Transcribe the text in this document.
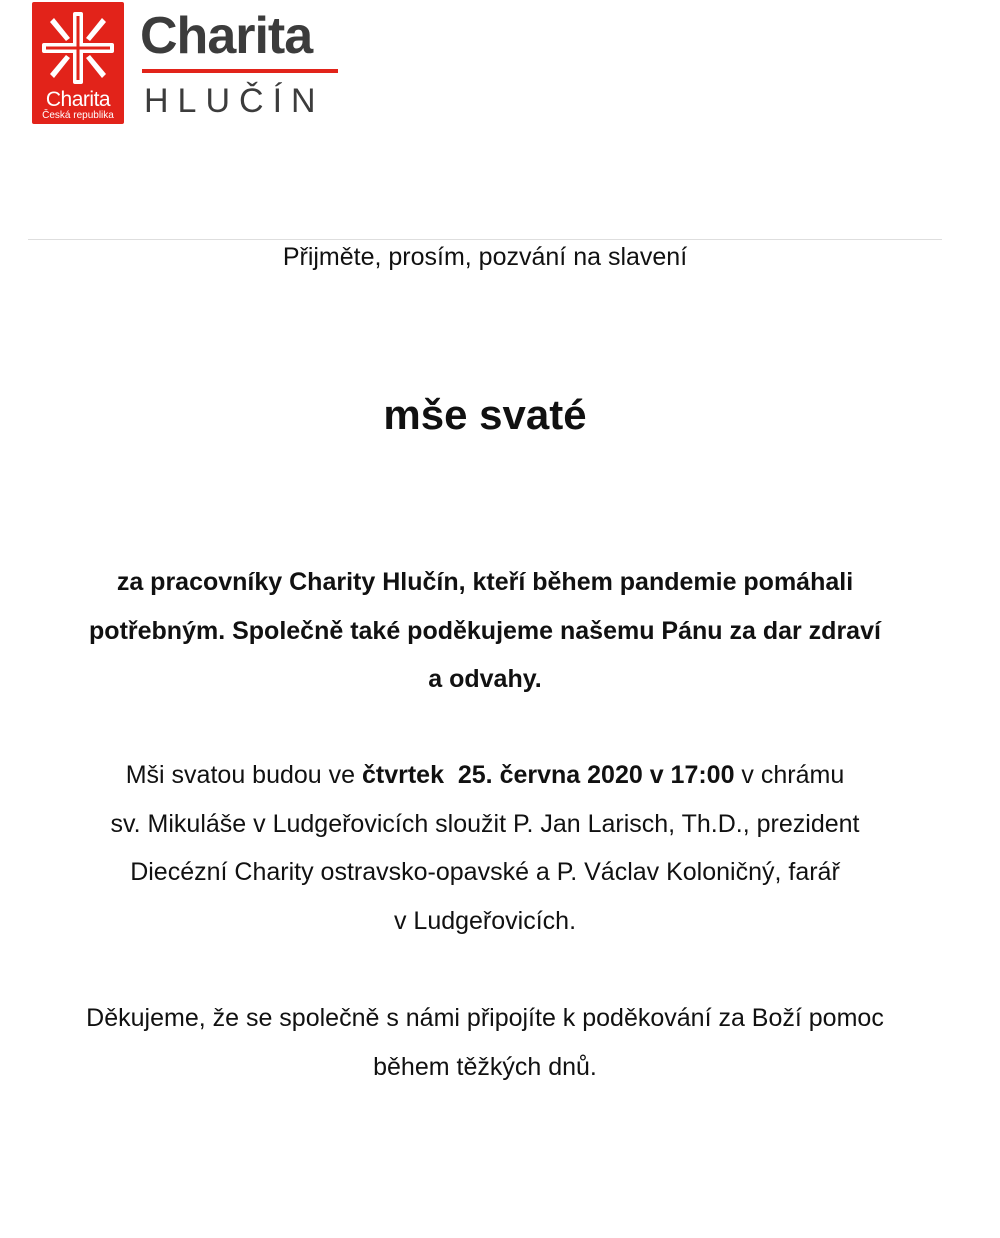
Charita
Česká republika
Charita
HLUČÍN
Přijměte, prosím, pozvání na slavení
mše svaté
za pracovníky Charity Hlučín, kteří během pandemie pomáhali
potřebným. Společně také poděkujeme našemu Pánu za dar zdraví
a odvahy.
Mši svatou budou ve čtvrtek  25. června 2020 v 17:00 v chrámu
sv. Mikuláše v Ludgeřovicích sloužit P. Jan Larisch, Th.D., prezident
Diecézní Charity ostravsko-opavské a P. Václav Koloničný, farář
v Ludgeřovicích.
Děkujeme, že se společně s námi připojíte k poděkování za Boží pomoc
během těžkých dnů.
